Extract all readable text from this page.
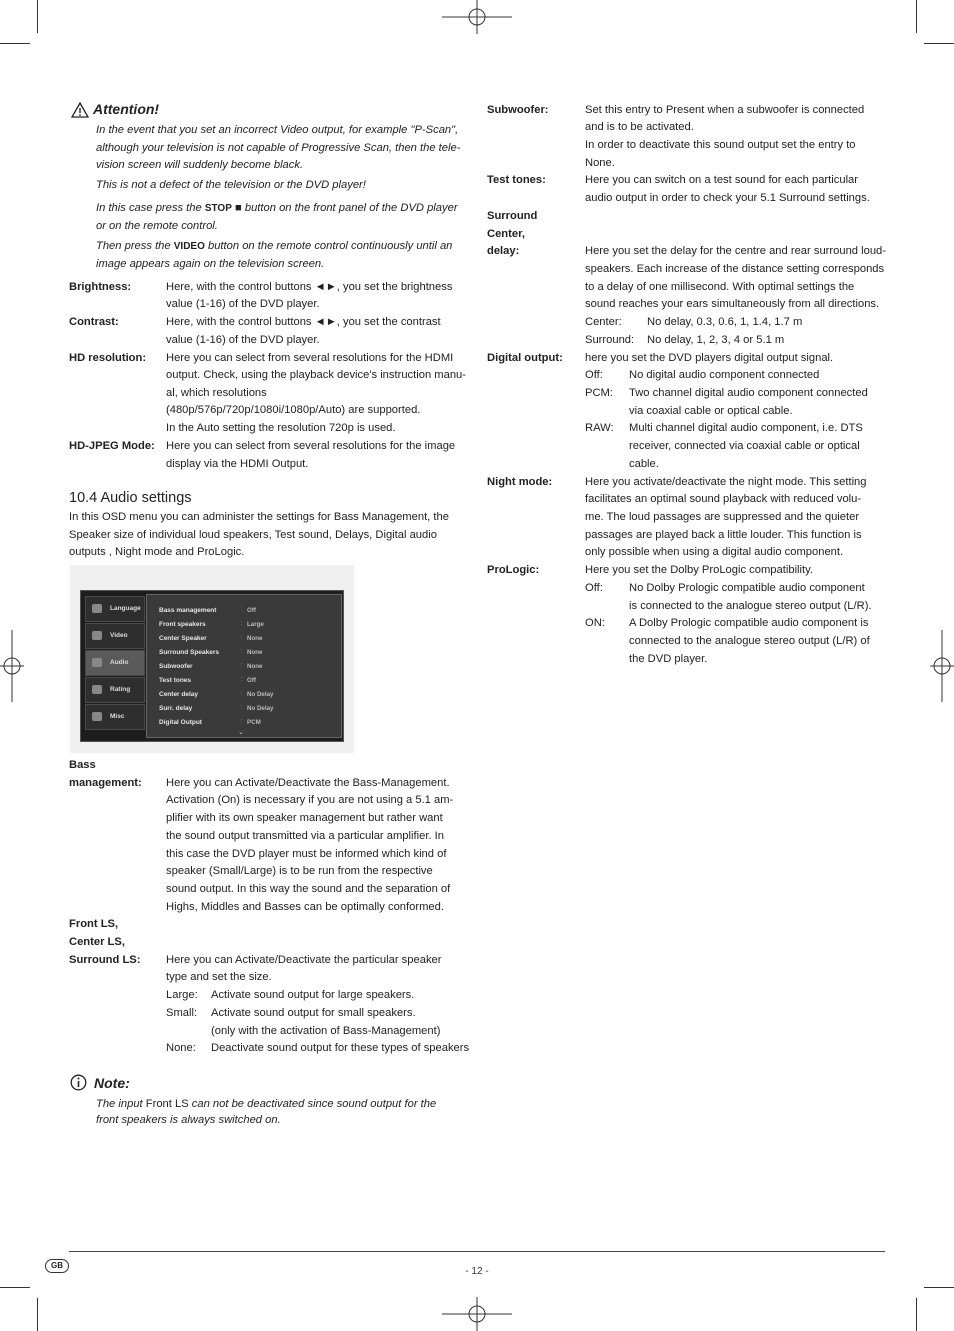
Attention!
In the event that you set an incorrect Video output, for example "P-Scan", although your television is not capable of Progressive Scan, then the tele-vision screen will suddenly become black.
This is not a defect of the television or the DVD player!
In this case press the STOP ■ button on the front panel of the DVD player or on the remote control.
Then press the VIDEO button on the remote control continuously until an image appears again on the television screen.
Brightness:	Here, with the control buttons ◄►, you set the brightness
value (1-16) of the DVD player.
Contrast:	Here, with the control buttons ◄►, you set the contrast
value (1-16) of the DVD player.
HD resolution: Here you can select from several resolutions for the HDMI
output. Check, using the playback device's instruction manu-
al, which resolutions
(480p/576p/720p/1080i/1080p/Auto) are supported.
In the Auto setting the resolution 720p is used.
HD-JPEG Mode: Here you can select from several resolutions for the image
display via the HDMI Output.
10.4 Audio settings
In this OSD menu you can administer the settings for Bass Management, the
Speaker size of individual loud speakers, Test sound, Delays, Digital audio
outputs , Night mode and ProLogic.
Language
Video
Audio
Rating
Misc
Bass management	: Off
Front speakers	: Large
Center Speaker	: None
Surround Speakers	: None
Subwoofer	: None
Test tones	: Off
Center delay	: No Delay
Surr. delay	: No Delay
Digital Output	: PCM
⌄
Bass
management: Here you can Activate/Deactivate the Bass-Management.
Activation (On) is necessary if you are not using a 5.1 am-
plifier with its own speaker management but rather want
the sound output transmitted via a particular amplifier. In
this case the DVD player must be informed which kind of
speaker (Small/Large) is to be run from the respective
sound output. In this way the sound and the separation of
Highs, Middles and Basses can be optimally conformed.
Front LS,
Center LS,
Surround LS: Here you can Activate/Deactivate the particular speaker
type and set the size.
Large: Activate sound output for large speakers.
Small: Activate sound output for small speakers.
(only with the activation of Bass-Management)
None: Deactivate sound output for these types of speakers
Note:
The input Front LS can not be deactivated since sound output for the
front speakers is always switched on.
Subwoofer:	Set this entry to Present when a subwoofer is connected
and is to be activated.
In order to deactivate this sound output set the entry to
None.
Test tones:	Here you can switch on a test sound for each particular
audio output in order to check your 5.1 Surround settings.
Surround
Center,
delay:	Here you set the delay for the centre and rear surround loud-
speakers. Each increase of the distance setting corresponds
to a delay of one millisecond. With optimal settings the
sound reaches your ears simultaneously from all directions.
Center: No delay, 0.3, 0.6, 1, 1.4, 1.7 m
Surround: No delay, 1, 2, 3, 4 or 5.1 m
Digital output: here you set the DVD players digital output signal.
Off: No digital audio component connected
PCM: Two channel digital audio component connected
via coaxial cable or optical cable.
RAW: Multi channel digital audio component, i.e. DTS
receiver, connected via coaxial cable or optical
cable.
Night mode:	Here you activate/deactivate the night mode. This setting
facilitates an optimal sound playback with reduced volu-
me. The loud passages are suppressed and the quieter
passages are played back a little louder. This function is
only possible when using a digital audio component.
ProLogic:	Here you set the Dolby ProLogic compatibility.
Off: No Dolby Prologic compatible audio component
is connected to the analogue stereo output (L/R).
ON: A Dolby Prologic compatible audio component is
connected to the analogue stereo output (L/R) of
the DVD player.
GB
- 12 -
